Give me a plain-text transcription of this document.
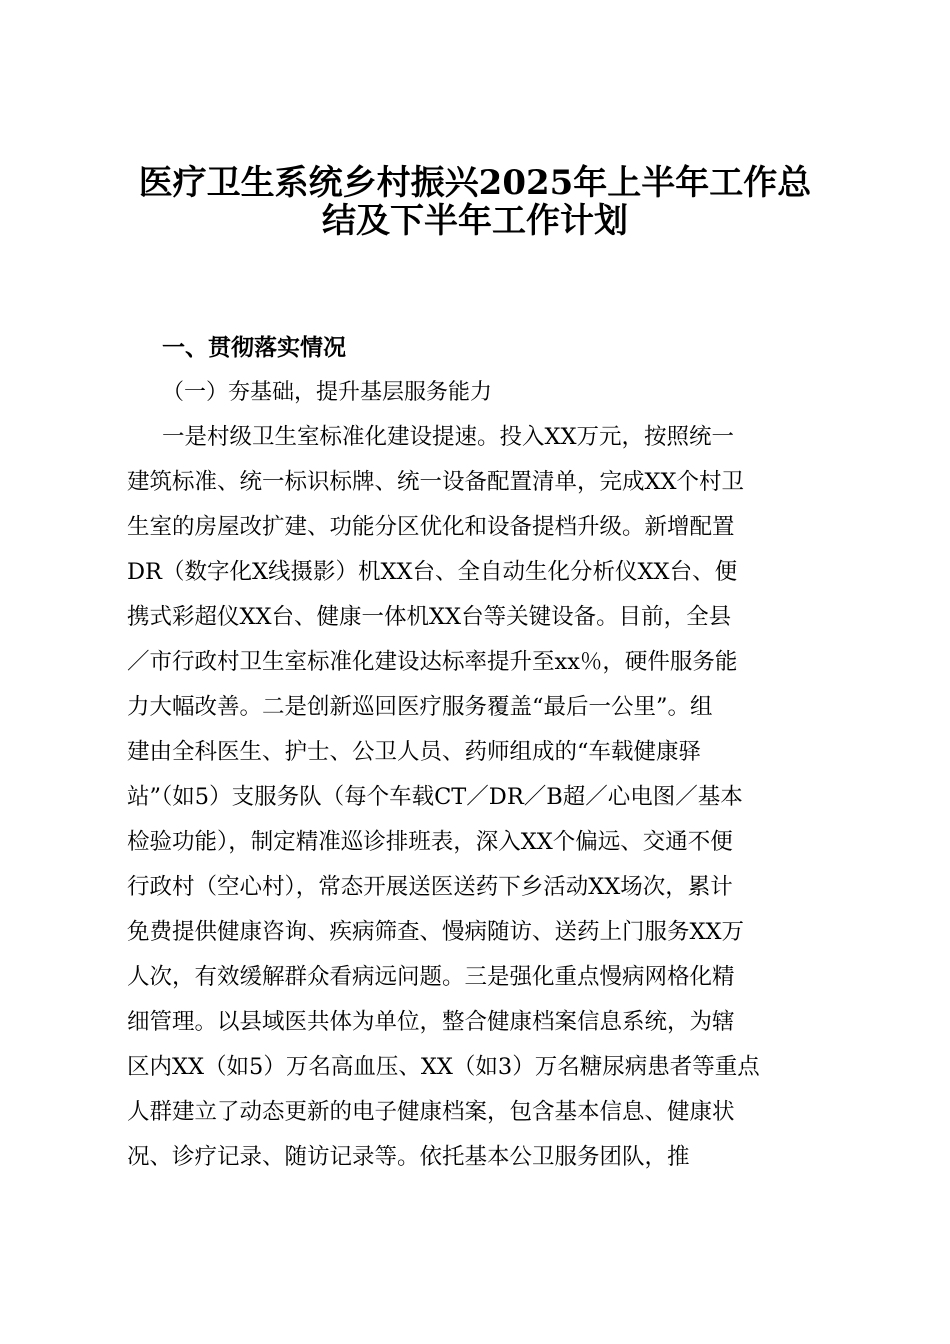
医疗卫生系统乡村振兴2025年上半年工作总
结及下半年工作计划
一、贯彻落实情况
（一）夯基础，提升基层服务能力
一是村级卫生室标准化建设提速。投入XX万元，按照统一
建筑标准、统一标识标牌、统一设备配置清单，完成XX个村卫
生室的房屋改扩建、功能分区优化和设备提档升级。新增配置
DR（数字化X线摄影）机XX台、全自动生化分析仪XX台、便
携式彩超仪XX台、健康一体机XX台等关键设备。目前，全县
／市行政村卫生室标准化建设达标率提升至xx％，硬件服务能
力大幅改善。二是创新巡回医疗服务覆盖“最后一公里”。组
建由全科医生、护士、公卫人员、药师组成的“车载健康驿
站”（如5）支服务队（每个车载CT／DR／B超／心电图／基本
检验功能），制定精准巡诊排班表，深入XX个偏远、交通不便
行政村（空心村），常态开展送医送药下乡活动XX场次，累计
免费提供健康咨询、疾病筛查、慢病随访、送药上门服务XX万
人次，有效缓解群众看病远问题。三是强化重点慢病网格化精
细管理。以县域医共体为单位，整合健康档案信息系统，为辖
区内XX（如5）万名高血压、XX（如3）万名糖尿病患者等重点
人群建立了动态更新的电子健康档案，包含基本信息、健康状
况、诊疗记录、随访记录等。依托基本公卫服务团队，推
